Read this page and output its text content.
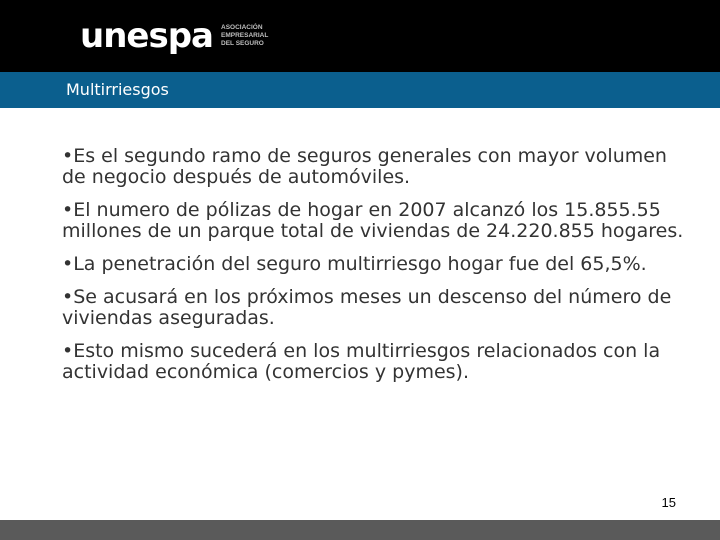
unespa ASOCIACIÓN
EMPRESARIAL
DEL SEGURO
Multirriesgos

•Es el segundo ramo de seguros generales con mayor volumen de negocio después de automóviles.

•El numero de pólizas de hogar en 2007 alcanzó los 15.855.55 millones de un parque total de viviendas de 24.220.855 hogares.

•La penetración del seguro multirriesgo hogar fue del 65,5%.

•Se acusará en los próximos meses un descenso del número de viviendas aseguradas.

•Esto mismo sucederá en los multirriesgos relacionados con la actividad económica (comercios y pymes).

15
